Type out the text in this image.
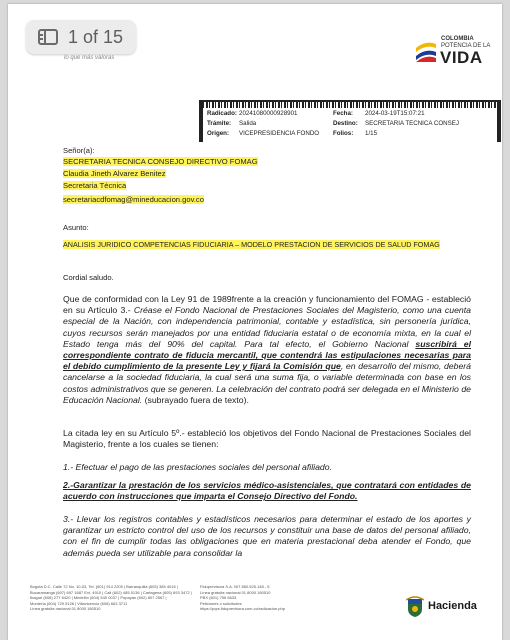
1 of 15
lo que más valoras
COLOMBIA
POTENCIA DE LA
VIDA
Radicado: 20241080000928901	Fecha: 2024-03-19T15:07:21
Trámite: Salida	Destino: SECRETARIA TECNICA CONSEJ
Origen: VICEPRESIDENCIA FONDO Folios: 1/15
Señor(a):
SECRETARIA TECNICA CONSEJO DIRECTIVO FOMAG
Claudia Jineth Alvarez Benitez
Secretaria Técnica
secretariacdfomag@mineducacion.gov.co
Asunto:
ANALISIS JURIDICO COMPETENCIAS FIDUCIARIA – MODELO PRESTACION DE SERVICIOS DE SALUD FOMAG
Cordial saludo.
Que de conformidad con la Ley 91 de 1989frente a la creación y funcionamiento del FOMAG - estableció en su Artículo 3.- Créase el Fondo Nacional de Prestaciones Sociales del Magisterio, como una cuenta especial de la Nación, con independencia patrimonial, contable y estadística, sin personería jurídica, cuyos recursos serán manejados por una entidad fiduciaria estatal o de economía mixta, en la cual el Estado tenga más del 90% del capital. Para tal efecto, el Gobierno Nacional suscribirá el correspondiente contrato de fiducia mercantil, que contendrá las estipulaciones necesarias para el debido cumplimiento de la presente Ley y fijará la Comisión que, en desarrollo del mismo, deberá cancelarse a la sociedad fiduciaria, la cual será una suma fija, o variable determinada con base en los costos administrativos que se generen. La celebración del contrato podrá ser delegada en el Ministerio de Educación Nacional. (subrayado fuera de texto).
La citada ley en su Artículo 5º.- estableció los objetivos del Fondo Nacional de Prestaciones Sociales del Magisterio, frente a los cuales se tienen:
1.- Efectuar el pago de las prestaciones sociales del personal afiliado.
2.-Garantizar la prestación de los servicios médico-asistenciales, que contratará con entidades de acuerdo con instrucciones que imparta el Consejo Directivo del Fondo.
3.- Llevar los registros contables y estadísticos necesarios para determinar el estado de los aportes y garantizar un estricto control del uso de los recursos y constituir una base de datos del personal afiliado, con el fin de cumplir todas las obligaciones que en materia prestacional deba atender el Fondo, que además pueda ser utilizable para consolidar la
Bogotá D.C. Calle 72 No. 10-03, Tel. (601) 914 2205 | Barranquilla (605) 385 4016 |
Bucaramanga (607) 697 1687 Ext. 4910 | Cali (602) 485 5136 | Cartagena (605) 693 3472 |
Ibagué (608) 277 6420 | Medellín (604) 540 0037 | Popayán (602) 807 2567 |
Montería (604) 729 5128 | Villavicencio (608) 663 3711
Línea gratuita nacional 01 8000 180510
Fiduprevisora S.A. NIT 860.525.148 - 5
Línea gratuita nacional 01 8000 180510
PBX (601) 756 6633
Peticiones o solicitudes
https://pqrs.fiduprevisora.com.co/radicacion.php	Hacienda
